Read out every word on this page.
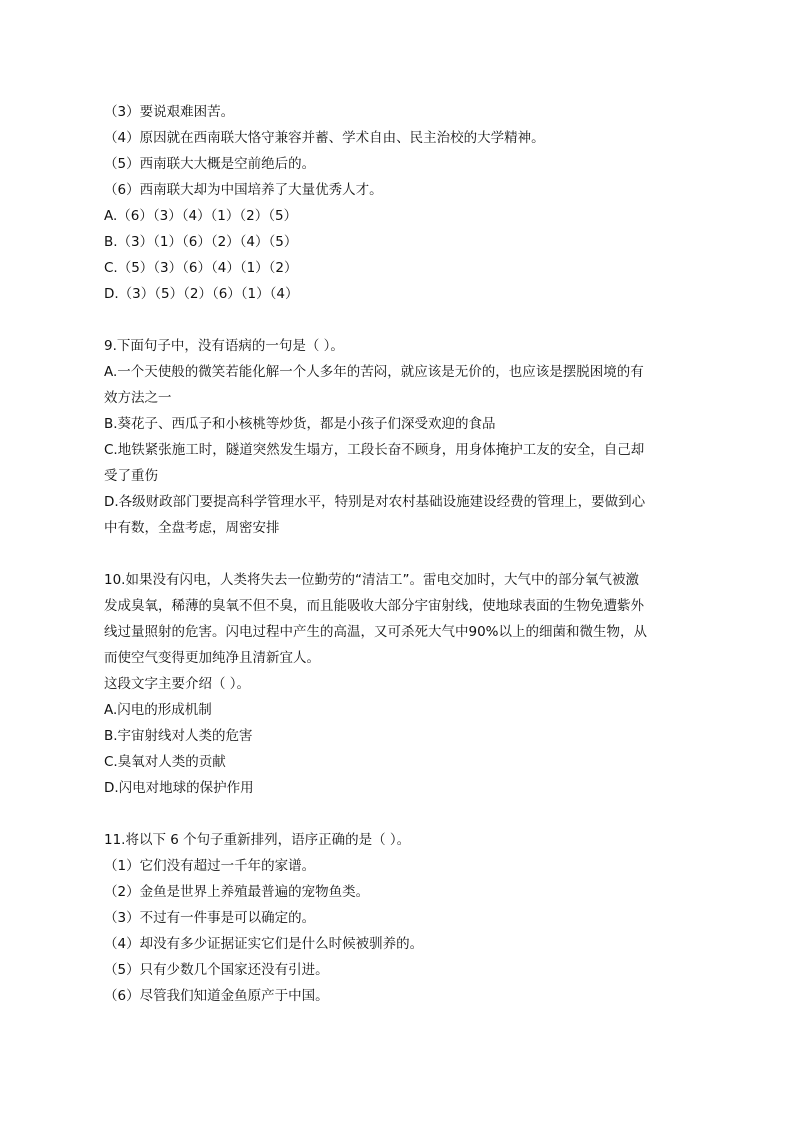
（3）要说艰难困苦。
（4）原因就在西南联大恪守兼容并蓄、学术自由、民主治校的大学精神。
（5）西南联大大概是空前绝后的。
（6）西南联大却为中国培养了大量优秀人才。
A.（6）（3）（4）（1）（2）（5）
B.（3）（1）（6）（2）（4）（5）
C.（5）（3）（6）（4）（1）（2）
D.（3）（5）（2）（6）（1）（4）
9.下面句子中，没有语病的一句是（ ）。
A.一个天使般的微笑若能化解一个人多年的苦闷，就应该是无价的，也应该是摆脱困境的有
效方法之一
B.葵花子、西瓜子和小核桃等炒货，都是小孩子们深受欢迎的食品
C.地铁紧张施工时，隧道突然发生塌方，工段长奋不顾身，用身体掩护工友的安全，自己却
受了重伤
D.各级财政部门要提高科学管理水平，特别是对农村基础设施建设经费的管理上，要做到心
中有数，全盘考虑，周密安排
10.如果没有闪电，人类将失去一位勤劳的“清洁工”。雷电交加时，大气中的部分氧气被激
发成臭氧，稀薄的臭氧不但不臭，而且能吸收大部分宇宙射线，使地球表面的生物免遭紫外
线过量照射的危害。闪电过程中产生的高温，又可杀死大气中90%以上的细菌和微生物，从
而使空气变得更加纯净且清新宜人。
这段文字主要介绍（ ）。
A.闪电的形成机制
B.宇宙射线对人类的危害
C.臭氧对人类的贡献
D.闪电对地球的保护作用
11.将以下 6 个句子重新排列，语序正确的是（ ）。
（1）它们没有超过一千年的家谱。
（2）金鱼是世界上养殖最普遍的宠物鱼类。
（3）不过有一件事是可以确定的。
（4）却没有多少证据证实它们是什么时候被驯养的。
（5）只有少数几个国家还没有引进。
（6）尽管我们知道金鱼原产于中国。
